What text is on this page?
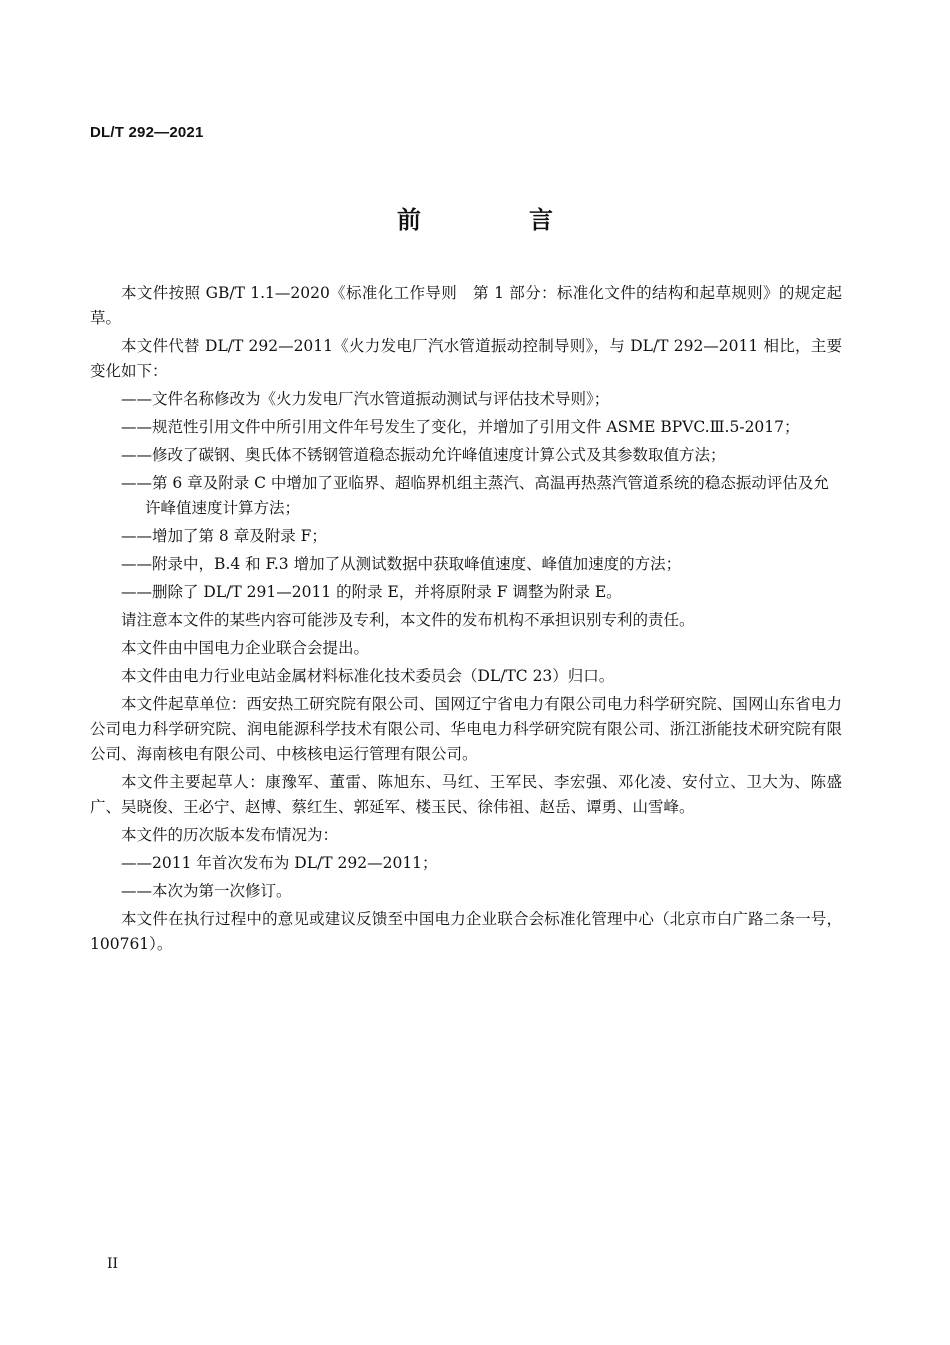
DL/T 292—2021
前　言

本文件按照 GB/T 1.1—2020《标准化工作导则　第 1 部分：标准化文件的结构和起草规则》的规定起草。

本文件代替 DL/T 292—2011《火力发电厂汽水管道振动控制导则》，与 DL/T 292—2011 相比，主要变化如下：

——文件名称修改为《火力发电厂汽水管道振动测试与评估技术导则》；
——规范性引用文件中所引用文件年号发生了变化，并增加了引用文件 ASME BPVC.Ⅲ.5-2017；
——修改了碳钢、奥氏体不锈钢管道稳态振动允许峰值速度计算公式及其参数取值方法；
——第 6 章及附录 C 中增加了亚临界、超临界机组主蒸汽、高温再热蒸汽管道系统的稳态振动评估及允许峰值速度计算方法；
——增加了第 8 章及附录 F；
——附录中，B.4 和 F.3 增加了从测试数据中获取峰值速度、峰值加速度的方法；
——删除了 DL/T 291—2011 的附录 E，并将原附录 F 调整为附录 E。

请注意本文件的某些内容可能涉及专利，本文件的发布机构不承担识别专利的责任。

本文件由中国电力企业联合会提出。

本文件由电力行业电站金属材料标准化技术委员会（DL/TC 23）归口。

本文件起草单位：西安热工研究院有限公司、国网辽宁省电力有限公司电力科学研究院、国网山东省电力公司电力科学研究院、润电能源科学技术有限公司、华电电力科学研究院有限公司、浙江浙能技术研究院有限公司、海南核电有限公司、中核核电运行管理有限公司。

本文件主要起草人：康豫军、董雷、陈旭东、马红、王军民、李宏强、邓化凌、安付立、卫大为、陈盛广、吴晓俊、王必宁、赵博、蔡红生、郭延军、楼玉民、徐伟祖、赵岳、谭勇、山雪峰。

本文件的历次版本发布情况为：

——2011 年首次发布为 DL/T 292—2011；
——本次为第一次修订。

本文件在执行过程中的意见或建议反馈至中国电力企业联合会标准化管理中心（北京市白广路二条一号，100761）。

II
